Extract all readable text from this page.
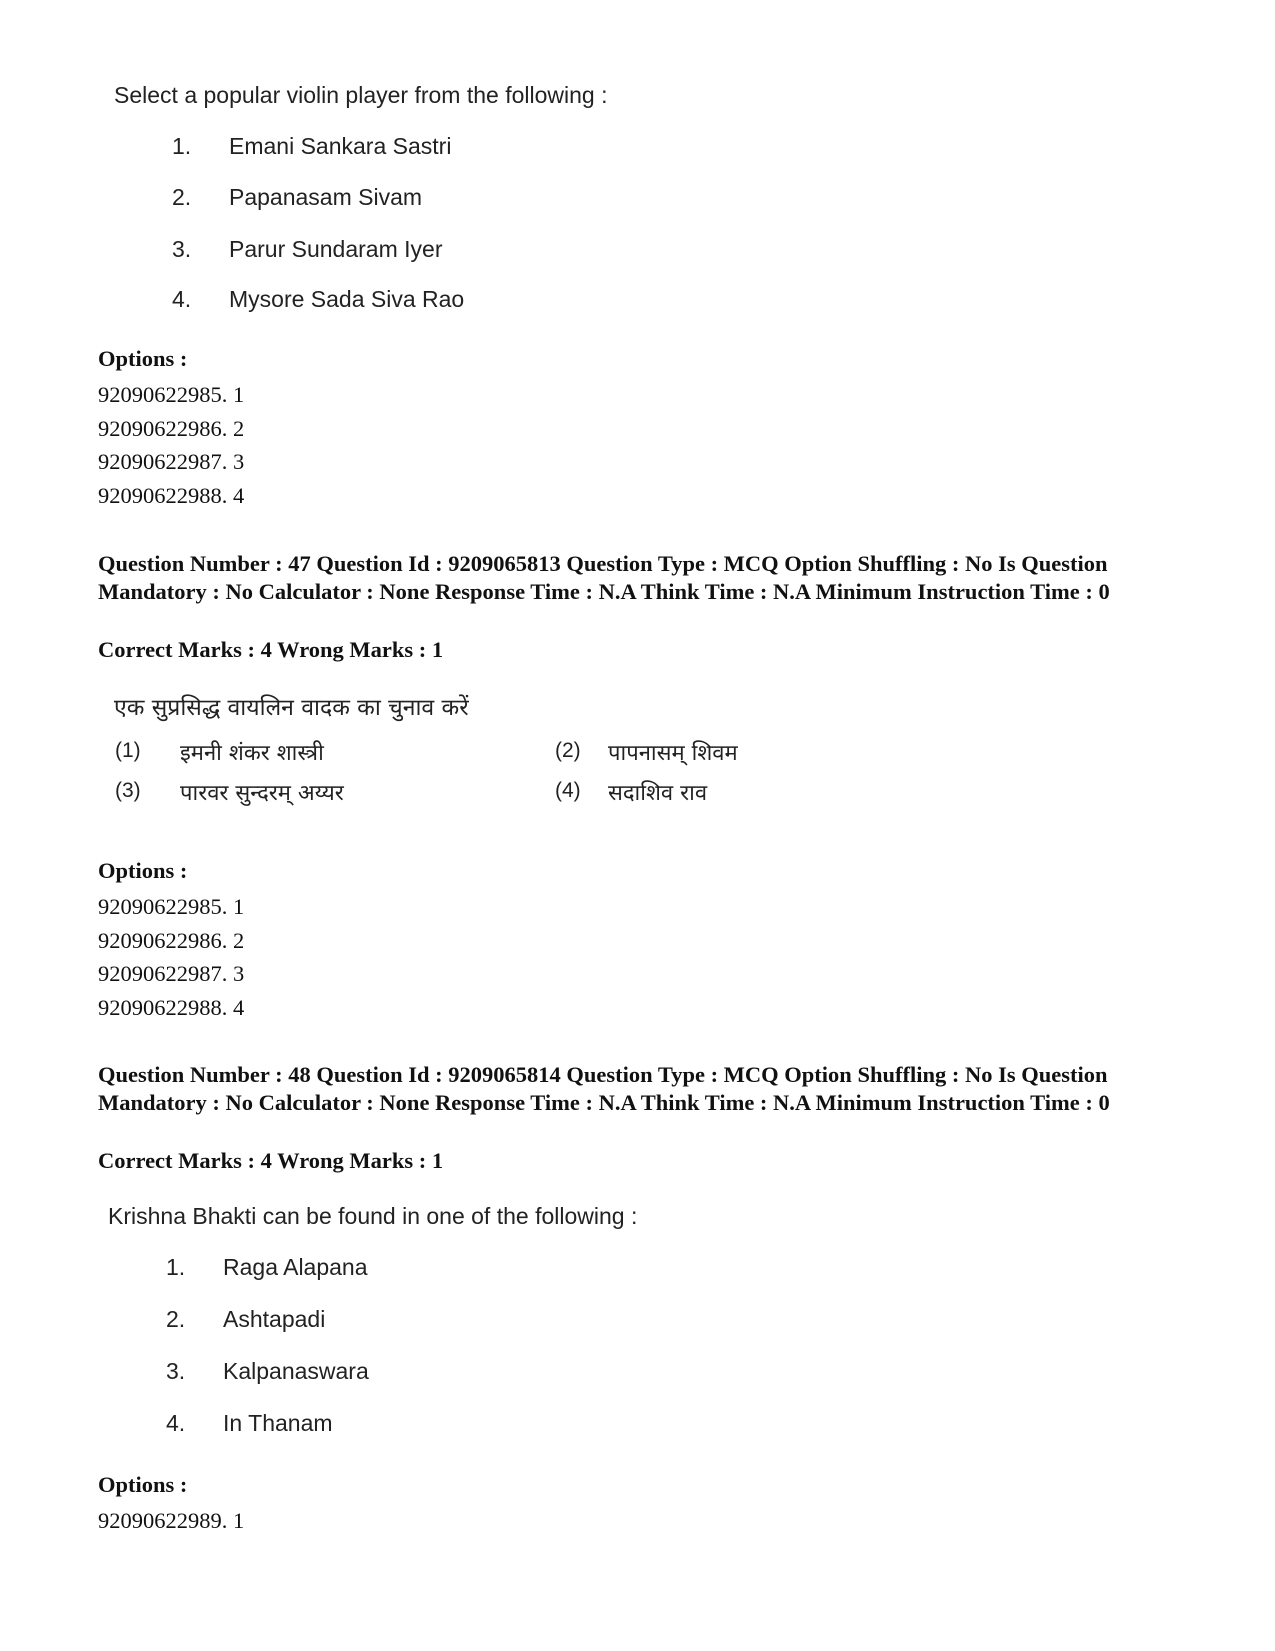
Select a popular violin player from the following :
1. Emani Sankara Sastri
2. Papanasam Sivam
3. Parur Sundaram Iyer
4. Mysore Sada Siva Rao
Options :
92090622985. 1
92090622986. 2
92090622987. 3
92090622988. 4
Question Number : 47 Question Id : 9209065813 Question Type : MCQ Option Shuffling : No Is Question Mandatory : No Calculator : None Response Time : N.A Think Time : N.A Minimum Instruction Time : 0
Correct Marks : 4 Wrong Marks : 1
एक सुप्रसिद्ध वायलिन वादक का चुनाव करें
(1) इमनी शंकर शास्त्री	(2) पापनासम् शिवम
(3) पारवर सुन्दरम् अय्यर	(4) सदाशिव राव
Options :
92090622985. 1
92090622986. 2
92090622987. 3
92090622988. 4
Question Number : 48 Question Id : 9209065814 Question Type : MCQ Option Shuffling : No Is Question Mandatory : No Calculator : None Response Time : N.A Think Time : N.A Minimum Instruction Time : 0
Correct Marks : 4 Wrong Marks : 1
Krishna Bhakti can be found in one of the following :
1. Raga Alapana
2. Ashtapadi
3. Kalpanaswara
4. In Thanam
Options :
92090622989. 1
